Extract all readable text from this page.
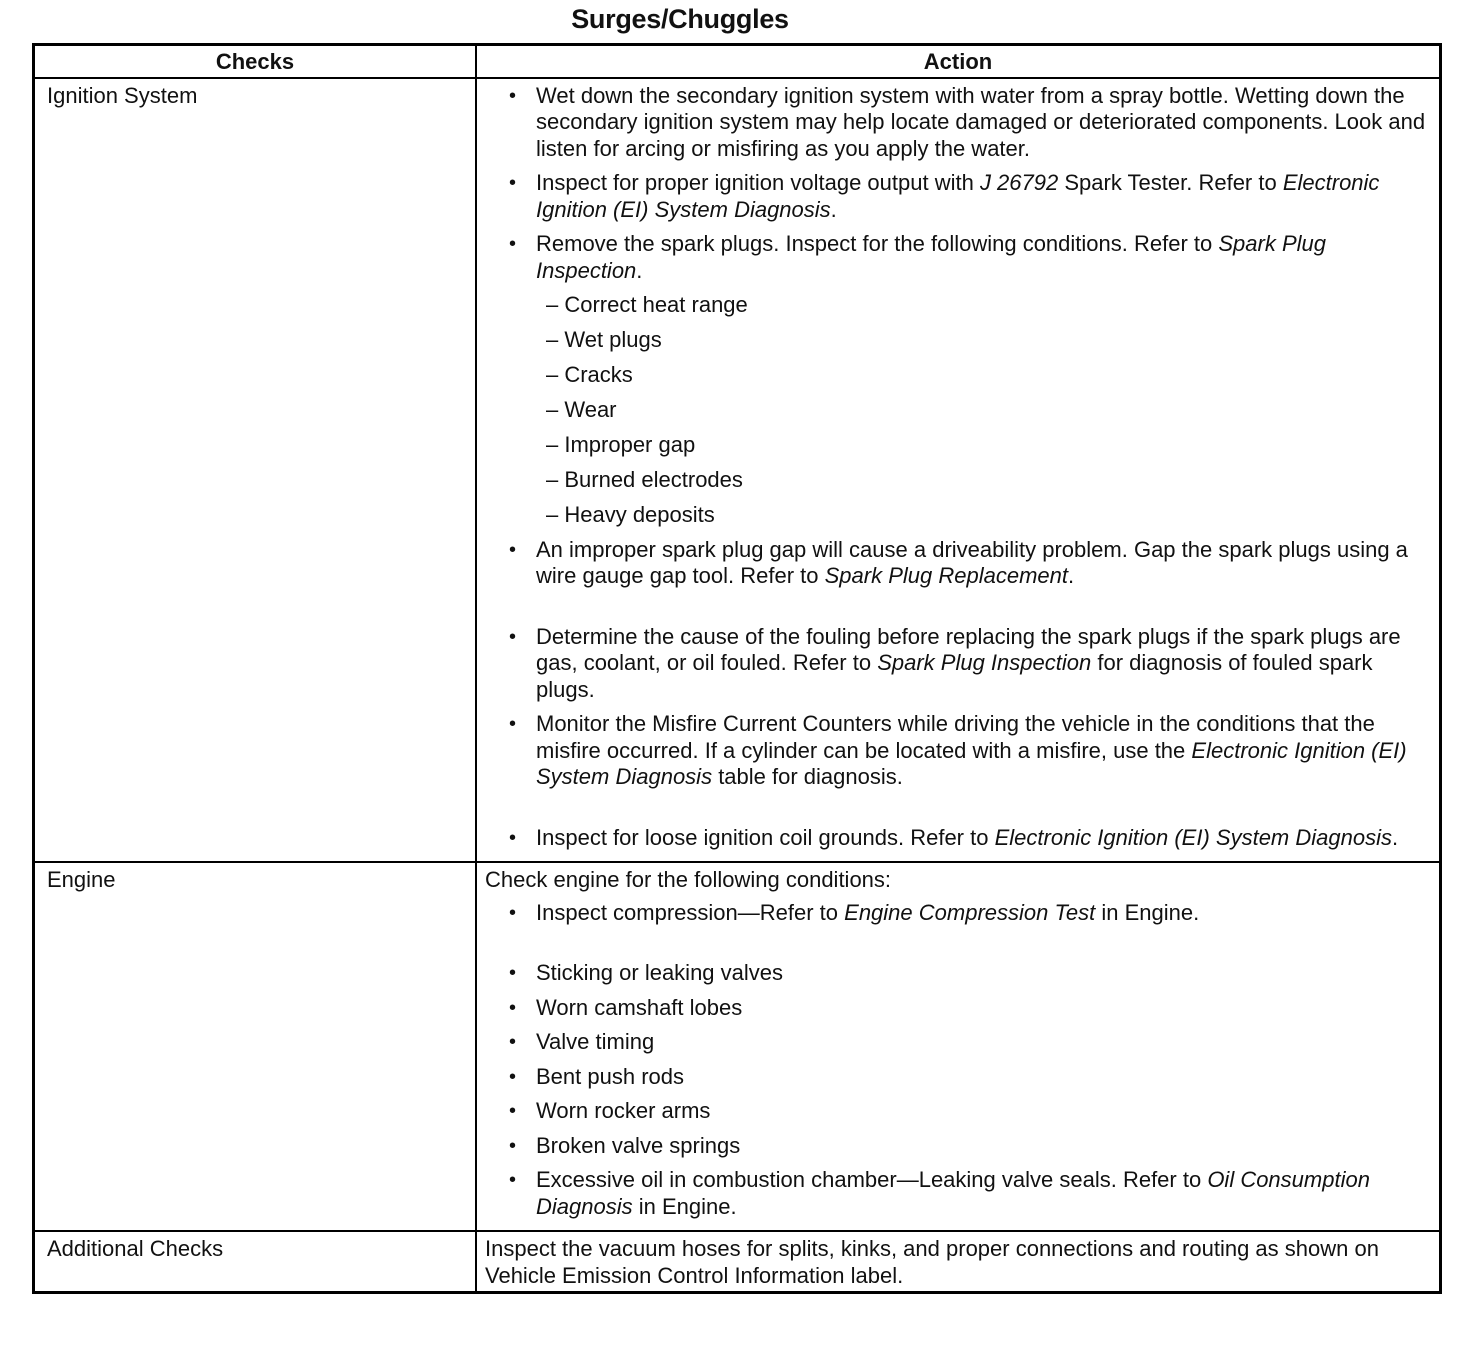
Surges/Chuggles
Checks	Action
Ignition System	
•Wet down the secondary ignition system with water from a spray bottle. Wetting down the secondary ignition system may help locate damaged or deteriorated components. Look and listen for arcing or misfiring as you apply the water.
• Inspect for proper ignition voltage output with J 26792 Spark Tester. Refer to Electronic Ignition (EI) System Diagnosis.
• Remove the spark plugs. Inspect for the following conditions. Refer to Spark Plug Inspection.
– Correct heat range
– Wet plugs
– Cracks
– Wear
– Improper gap
– Burned electrodes
– Heavy deposits
• An improper spark plug gap will cause a driveability problem. Gap the spark plugs using a wire gauge gap tool. Refer to Spark Plug Replacement.
• Determine the cause of the fouling before replacing the spark plugs if the spark plugs are gas, coolant, or oil fouled. Refer to Spark Plug Inspection for diagnosis of fouled spark plugs.
• Monitor the Misfire Current Counters while driving the vehicle in the conditions that the misfire occurred. If a cylinder can be located with a misfire, use the Electronic Ignition (EI) System Diagnosis table for diagnosis.
• Inspect for loose ignition coil grounds. Refer to Electronic Ignition (EI) System Diagnosis.

Engine	Check engine for the following conditions:
• Inspect compression—Refer to Engine Compression Test in Engine.
• Sticking or leaking valves
• Worn camshaft lobes
• Valve timing
• Bent push rods
• Worn rocker arms
• Broken valve springs
• Excessive oil in combustion chamber—Leaking valve seals. Refer to Oil Consumption Diagnosis in Engine.

Additional Checks	Inspect the vacuum hoses for splits, kinks, and proper connections and routing as shown on Vehicle Emission Control Information label.
